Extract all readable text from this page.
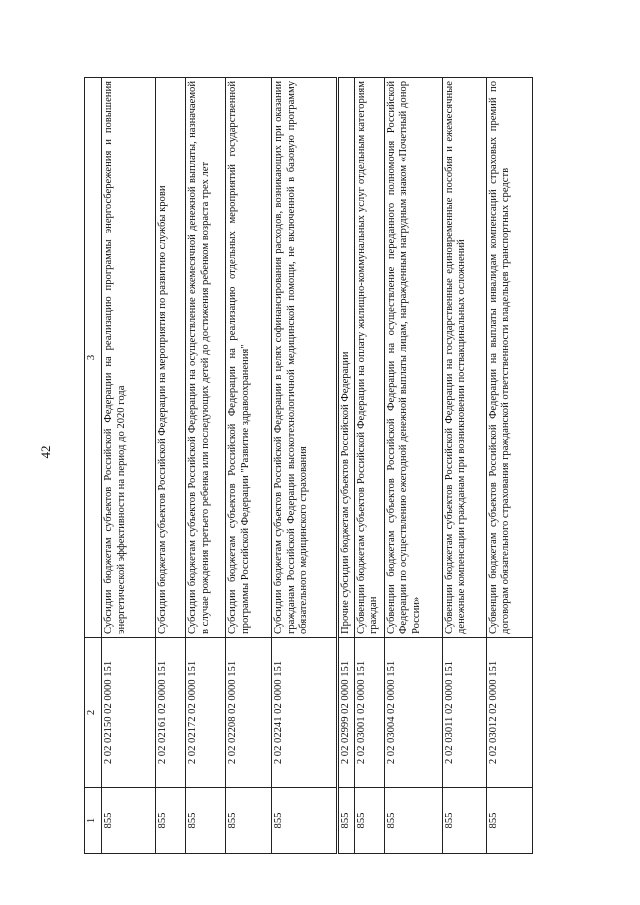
42
1	2	3
855	2 02 02150 02 0000 151	Субсидии бюджетам субъектов Российской Федерации на реализацию программы энергосбережения и повышения энергетической эффективности на период до 2020 года
855	2 02 02161 02 0000 151	Субсидии бюджетам субъектов Российской Федерации на мероприятия по развитию службы крови
855	2 02 02172 02 0000 151	Субсидии бюджетам субъектов Российской Федерации на осуществление ежемесячной денежной выплаты, назначаемой в случае рождения третьего ребенка или последующих детей до достижения ребенком возраста трех лет
855	2 02 02208 02 0000 151	Субсидии бюджетам субъектов Российской Федерации на реализацию отдельных мероприятий государственной программы Российской Федерации "Развитие здравоохранения"
855	2 02 02241 02 0000 151	Субсидии бюджетам субъектов Российской Федерации в целях софинансирования расходов, возникающих при оказании гражданам Российской Федерации высокотехнологичной медицинской помощи, не включенной в базовую программу обязательного медицинского страхования
855	2 02 02999 02 0000 151	Прочие субсидии бюджетам субъектов Российской Федерации
855	2 02 03001 02 0000 151	Субвенции бюджетам субъектов Российской Федерации на оплату жилищно-коммунальных услуг отдельным категориям граждан
855	2 02 03004 02 0000 151	Субвенции бюджетам субъектов Российской Федерации на осуществление переданного полномочия Российской Федерации по осуществлению ежегодной денежной выплаты лицам, награжденным нагрудным знаком «Почетный донор России»
855	2 02 03011 02 0000 151	Субвенции бюджетам субъектов Российской Федерации на государственные единовременные пособия и ежемесячные денежные компенсации гражданам при возникновении поствакцинальных осложнений
855	2 02 03012 02 0000 151	Субвенции бюджетам субъектов Российской Федерации на выплаты инвалидам компенсаций страховых премий по договорам обязательного страхования гражданской ответственности владельцев транспортных средств
